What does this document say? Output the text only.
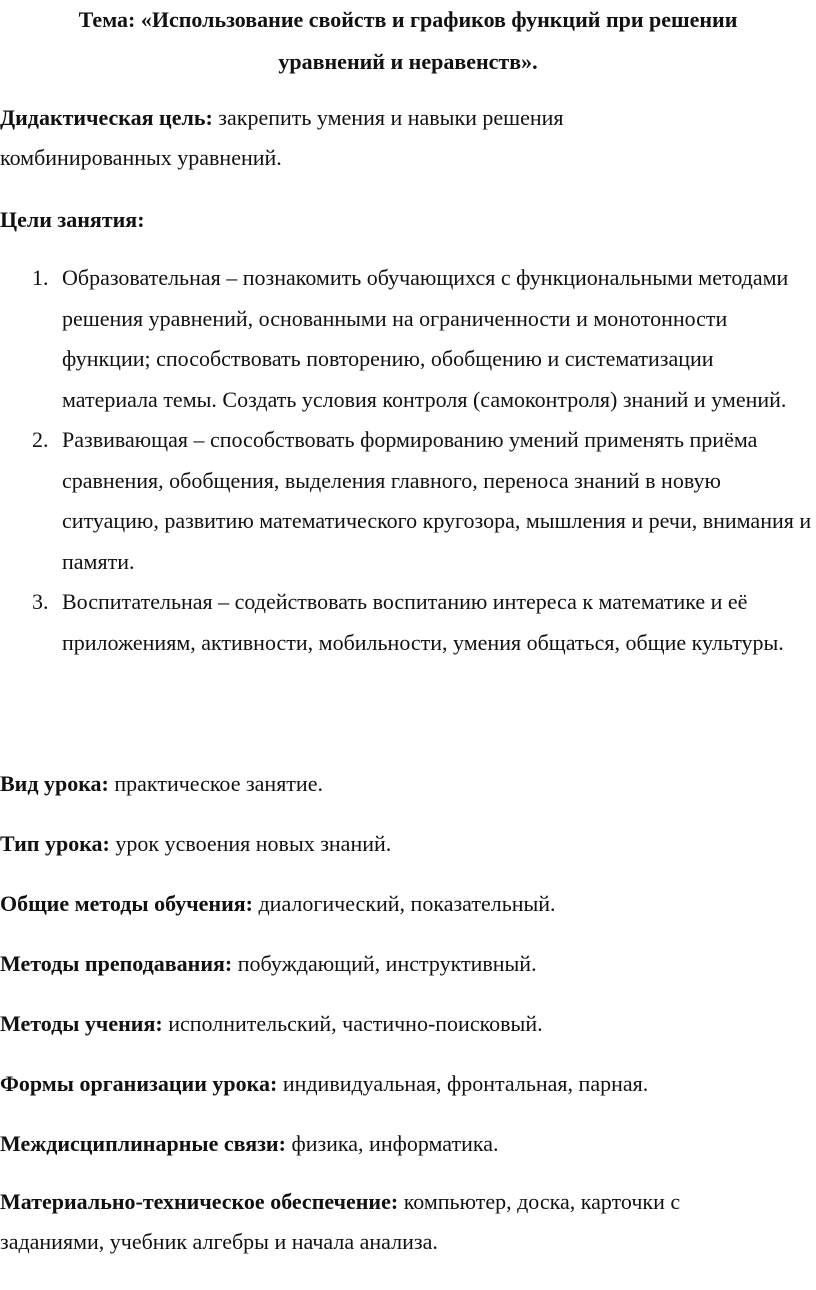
Тема: «Использование свойств и графиков функций при решении
уравнений и неравенств».
Дидактическая цель: закрепить умения и навыки решения
комбинированных уравнений.
Цели занятия:
1. Образовательная – познакомить обучающихся с функциональными методами решения уравнений, основанными на ограниченности и монотонности функции; способствовать повторению, обобщению и систематизации материала темы. Создать условия контроля (самоконтроля) знаний и умений.
2. Развивающая – способствовать формированию умений применять приёма сравнения, обобщения, выделения главного, переноса знаний в новую ситуацию, развитию математического кругозора, мышления и речи, внимания и памяти.
3. Воспитательная – содействовать воспитанию интереса к математике и её приложениям, активности, мобильности, умения общаться, общие культуры.
Вид урока: практическое занятие.
Тип урока: урок усвоения новых знаний.
Общие методы обучения: диалогический, показательный.
Методы преподавания: побуждающий, инструктивный.
Методы учения: исполнительский, частично-поисковый.
Формы организации урока: индивидуальная, фронтальная, парная.
Междисциплинарные связи: физика, информатика.
Материально-техническое обеспечение: компьютер, доска, карточки с
заданиями, учебник алгебры и начала анализа.
